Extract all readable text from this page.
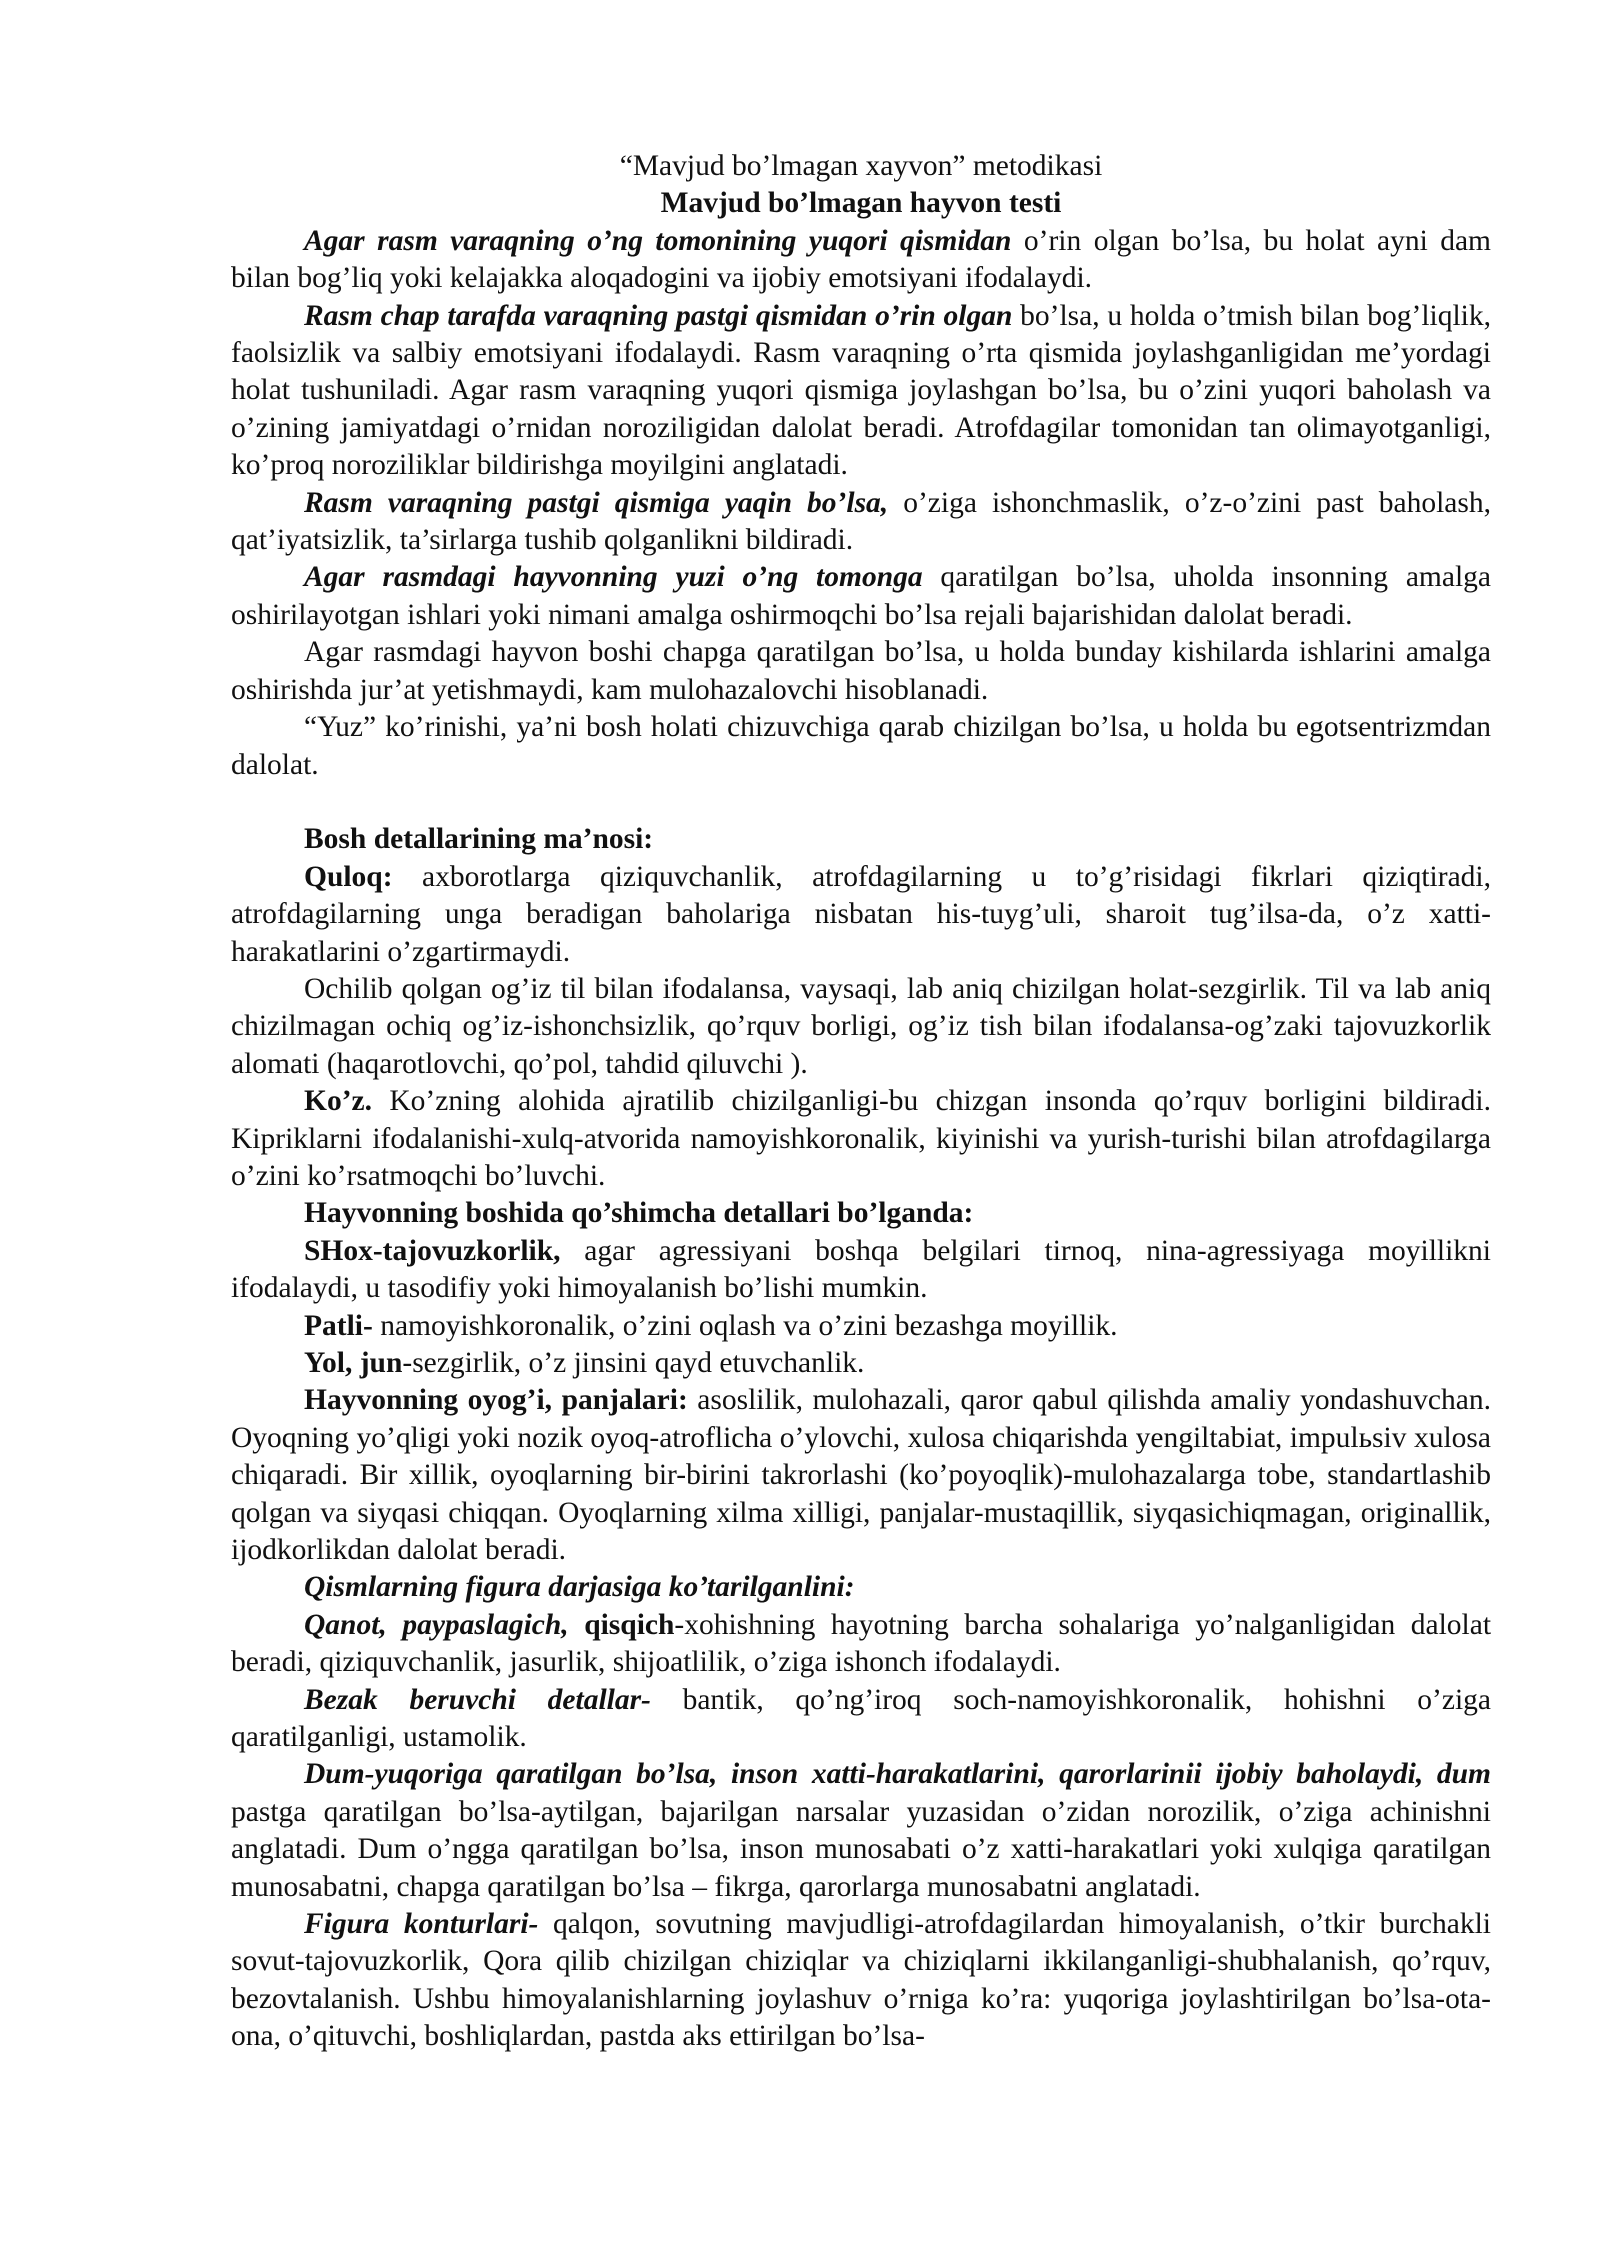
“Mavjud bo’lmagan xayvon” metodikasi
Mavjud bo’lmagan hayvon testi

Agar rasm varaqning o’ng tomonining yuqori qismidan o’rin olgan bo’lsa, bu holat ayni dam bilan bog’liq yoki kelajakka aloqadogini va ijobiy emotsiyani ifodalaydi.

Rasm chap tarafda varaqning pastgi qismidan o’rin olgan bo’lsa, u holda o’tmish bilan bog’liqlik, faolsizlik va salbiy emotsiyani ifodalaydi. Rasm varaqning o’rta qismida joylashganligidan me’yordagi holat tushuniladi. Agar rasm varaqning yuqori qismiga joylashgan bo’lsa, bu o’zini yuqori baholash va o’zining jamiyatdagi o’rnidan noroziligidan dalolat beradi. Atrofdagilar tomonidan tan olimayotganligi, ko’proq noroziliklar bildirishga moyilgini anglatadi.

Rasm varaqning pastgi qismiga yaqin bo’lsa, o’ziga ishonchmaslik, o’z-o’zini past baholash, qat’iyatsizlik, ta’sirlarga tushib qolganlikni bildiradi.

Agar rasmdagi hayvonning yuzi o’ng tomonga qaratilgan bo’lsa, uholda insonning amalga oshirilayotgan ishlari yoki nimani amalga oshirmoqchi bo’lsa rejali bajarishidan dalolat beradi.

Agar rasmdagi hayvon boshi chapga qaratilgan bo’lsa, u holda bunday kishilarda ishlarini amalga oshirishda jur’at yetishmaydi, kam mulohazalovchi hisoblanadi.

“Yuz” ko’rinishi, ya’ni bosh holati chizuvchiga qarab chizilgan bo’lsa, u holda bu egotsentrizmdan dalolat.

Bosh detallarining ma’nosi:

Quloq: axborotlarga qiziquvchanlik, atrofdagilarning u to’g’risidagi fikrlari qiziqtiradi, atrofdagilarning unga beradigan baholariga nisbatan his-tuyg’uli, sharoit tug’ilsa-da, o’z xatti-harakatlarini o’zgartirmaydi.

Ochilib qolgan og’iz til bilan ifodalansa, vaysaqi, lab aniq chizilgan holat-sezgirlik. Til va lab aniq chizilmagan ochiq og’iz-ishonchsizlik, qo’rquv borligi, og’iz tish bilan ifodalansa-og’zaki tajovuzkorlik alomati (haqarotlovchi, qo’pol, tahdid qiluvchi ).

Ko’z. Ko’zning alohida ajratilib chizilganligi-bu chizgan insonda qo’rquv borligini bildiradi. Kipriklarni ifodalanishi-xulq-atvorida namoyishkoronalik, kiyinishi va yurish-turishi bilan atrofdagilarga o’zini ko’rsatmoqchi bo’luvchi.

Hayvonning boshida qo’shimcha detallari bo’lganda:

SHox-tajovuzkorlik, agar agressiyani boshqa belgilari tirnoq, nina-agressiyaga moyillikni ifodalaydi, u tasodifiy yoki himoyalanish bo’lishi mumkin.

Patli- namoyishkoronalik, o’zini oqlash va o’zini bezashga moyillik.

Yol, jun-sezgirlik, o’z jinsini qayd etuvchanlik.

Hayvonning oyog’i, panjalari: asoslilik, mulohazali, qaror qabul qilishda amaliy yondashuvchan. Oyoqning yo’qligi yoki nozik oyoq-atroflicha o’ylovchi, xulosa chiqarishda yengiltabiat, impulьsiv xulosa chiqaradi. Bir xillik, oyoqlarning bir-birini takrorlashi (ko’poyoqlik)-mulohazalarga tobe, standartlashib qolgan va siyqasi chiqqan. Oyoqlarning xilma xilligi, panjalar-mustaqillik, siyqasichiqmagan, originallik, ijodkorlikdan dalolat beradi.

Qismlarning figura darjasiga ko’tarilganlini:

Qanot, paypaslagich, qisqich-xohishning hayotning barcha sohalariga yo’nalganligidan dalolat beradi, qiziquvchanlik, jasurlik, shijoatlilik, o’ziga ishonch ifodalaydi.

Bezak beruvchi detallar- bantik, qo’ng’iroq soch-namoyishkoronalik, hohishni o’ziga qaratilganligi, ustamolik.

Dum-yuqoriga qaratilgan bo’lsa, inson xatti-harakatlarini, qarorlarinii ijobiy baholaydi, dum pastga qaratilgan bo’lsa-aytilgan, bajarilgan narsalar yuzasidan o’zidan norozilik, o’ziga achinishni anglatadi. Dum o’ngga qaratilgan bo’lsa, inson munosabati o’z xatti-harakatlari yoki xulqiga qaratilgan munosabatni, chapga qaratilgan bo’lsa – fikrga, qarorlarga munosabatni anglatadi.

Figura konturlari- qalqon, sovutning mavjudligi-atrofdagilardan himoyalanish, o’tkir burchakli sovut-tajovuzkorlik, Qora qilib chizilgan chiziqlar va chiziqlarni ikkilanganligi-shubhalanish, qo’rquv, bezovtalanish. Ushbu himoyalanishlarning joylashuv o’rniga ko’ra: yuqoriga joylashtirilgan bo’lsa-ota-ona, o’qituvchi, boshliqlardan, pastda aks ettirilgan bo’lsa-
